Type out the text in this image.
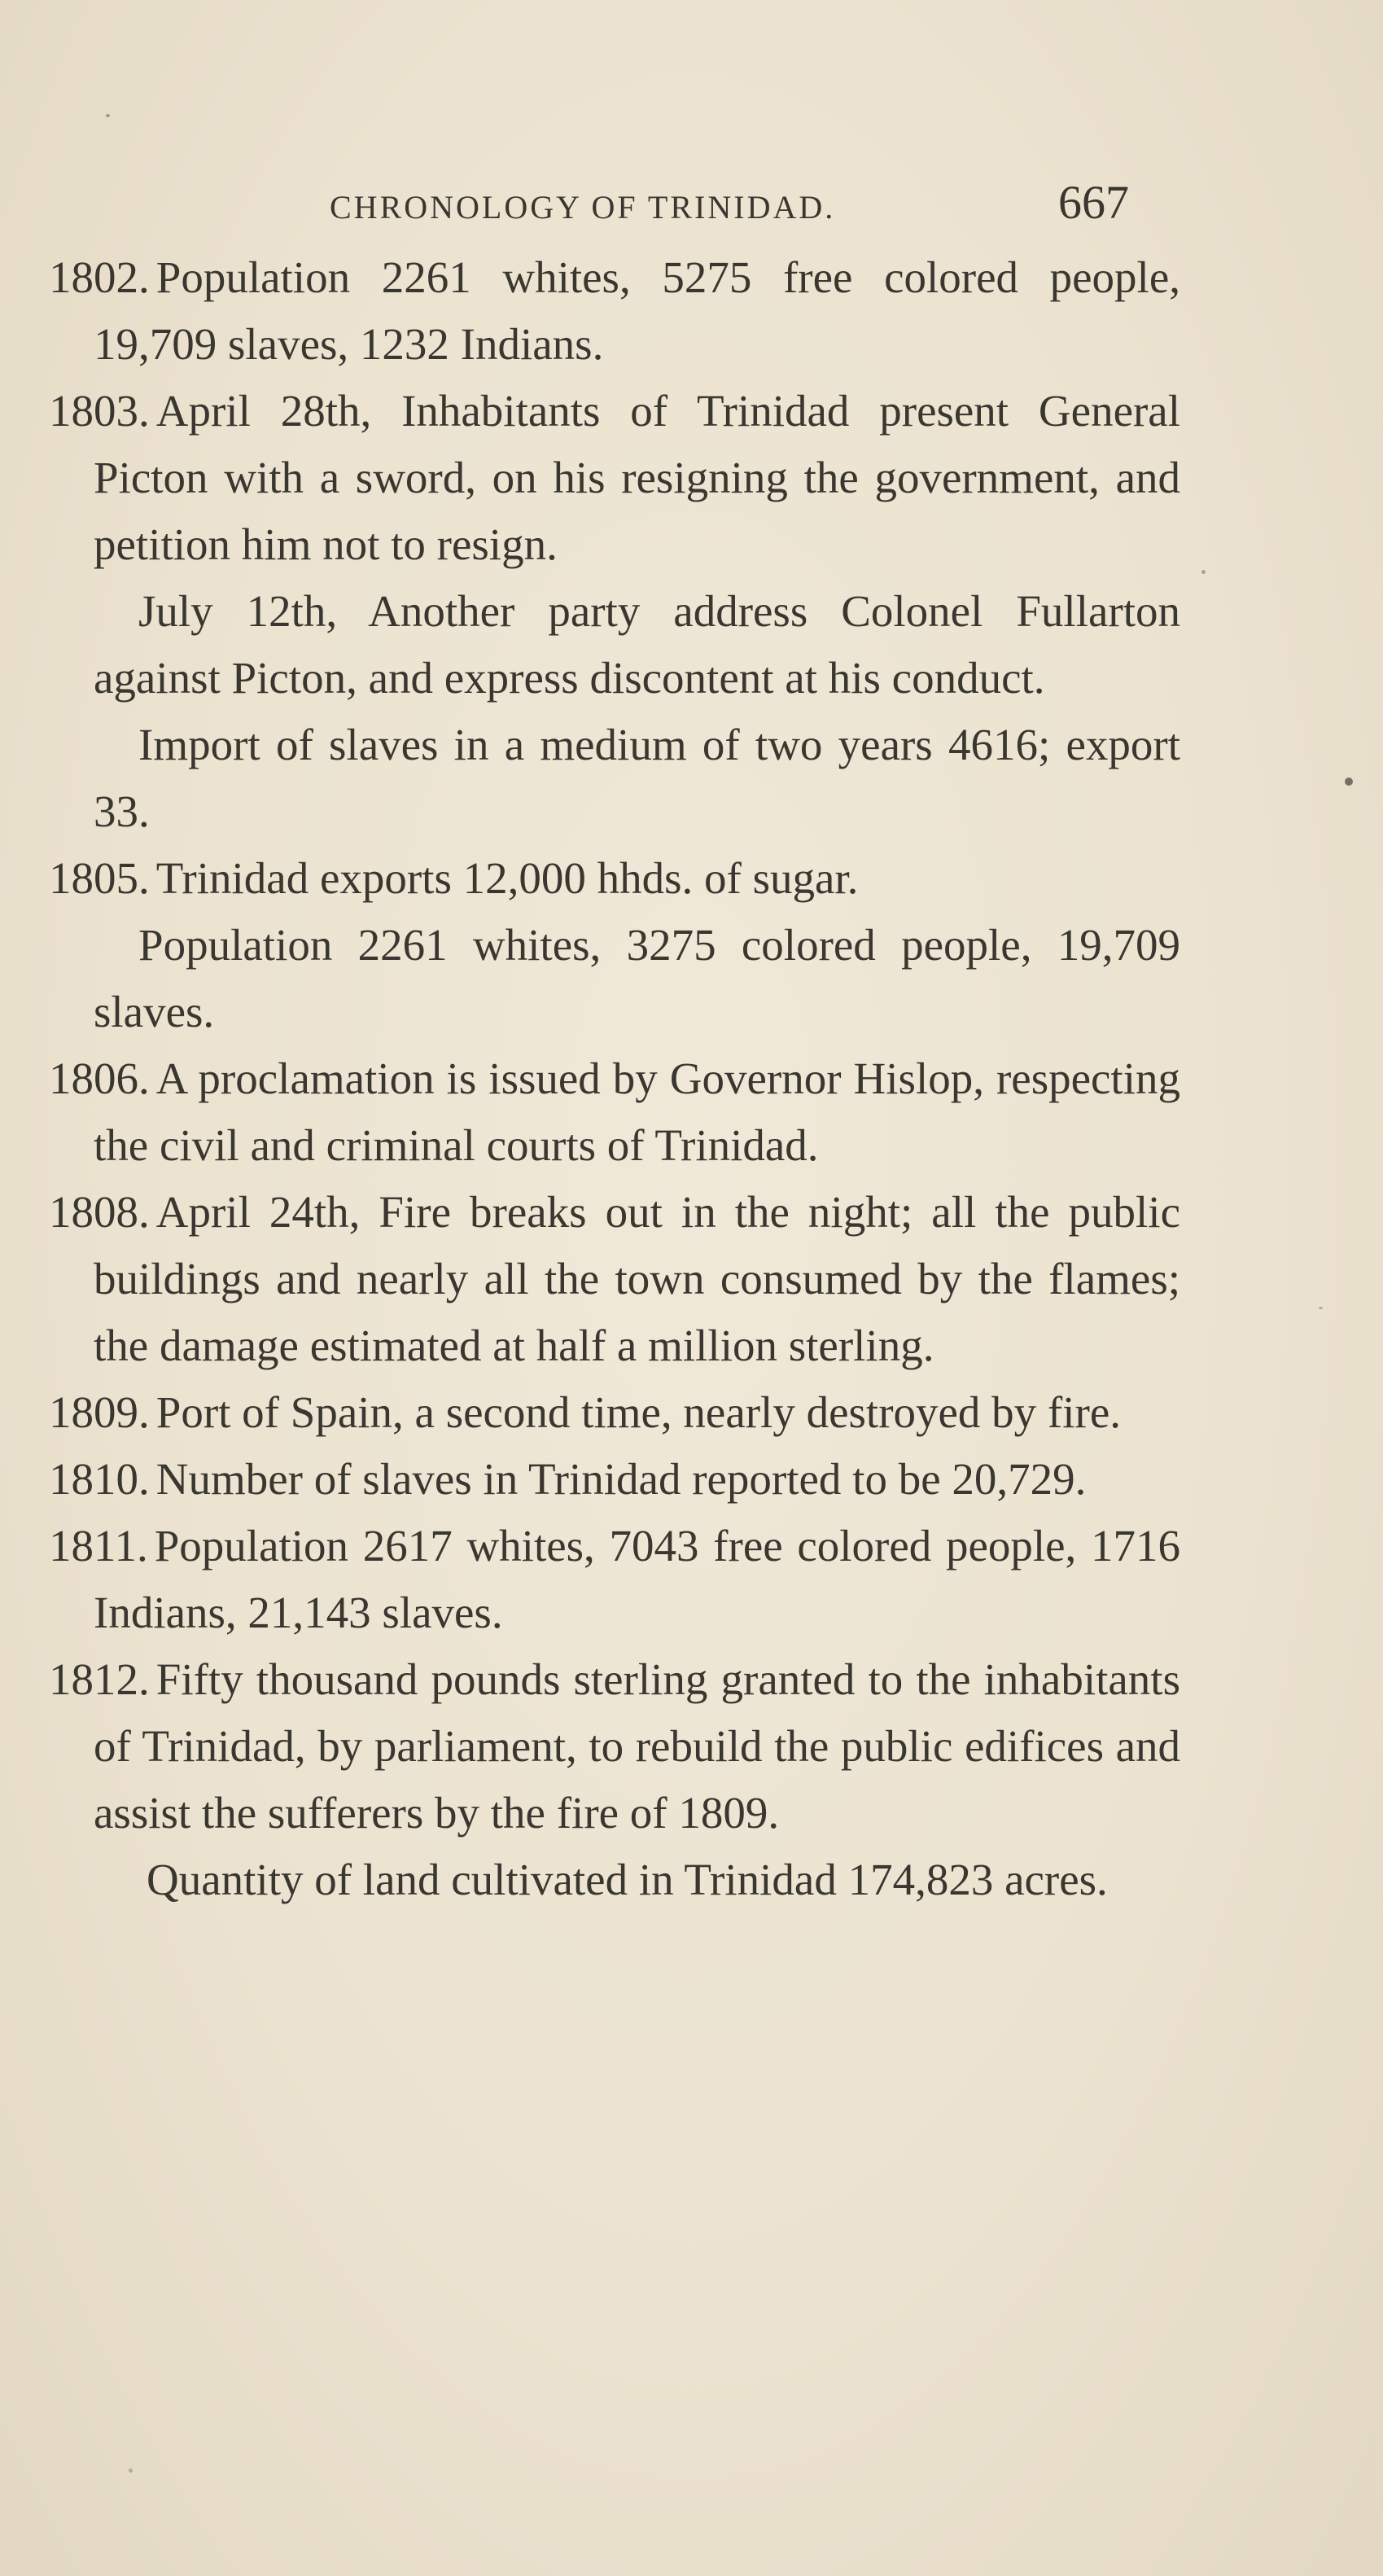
CHRONOLOGY OF TRINIDAD.	667

1802. Population 2261 whites, 5275 free colored people, 19,709 slaves, 1232 Indians.

1803. April 28th, Inhabitants of Trinidad present General Picton with a sword, on his resigning the government, and petition him not to resign.

July 12th, Another party address Colonel Fullarton against Picton, and express discontent at his conduct.

Import of slaves in a medium of two years 4616; export 33.

1805. Trinidad exports 12,000 hhds. of sugar.

Population 2261 whites, 3275 colored people, 19,709 slaves.

1806. A proclamation is issued by Governor Hislop, respecting the civil and criminal courts of Trinidad.

1808. April 24th, Fire breaks out in the night; all the public buildings and nearly all the town consumed by the flames; the damage estimated at half a million sterling.

1809. Port of Spain, a second time, nearly destroyed by fire.

1810. Number of slaves in Trinidad reported to be 20,729.

1811. Population 2617 whites, 7043 free colored people, 1716 Indians, 21,143 slaves.

1812. Fifty thousand pounds sterling granted to the inhabitants of Trinidad, by parliament, to rebuild the public edifices and assist the sufferers by the fire of 1809.

Quantity of land cultivated in Trinidad 174,823 acres.
